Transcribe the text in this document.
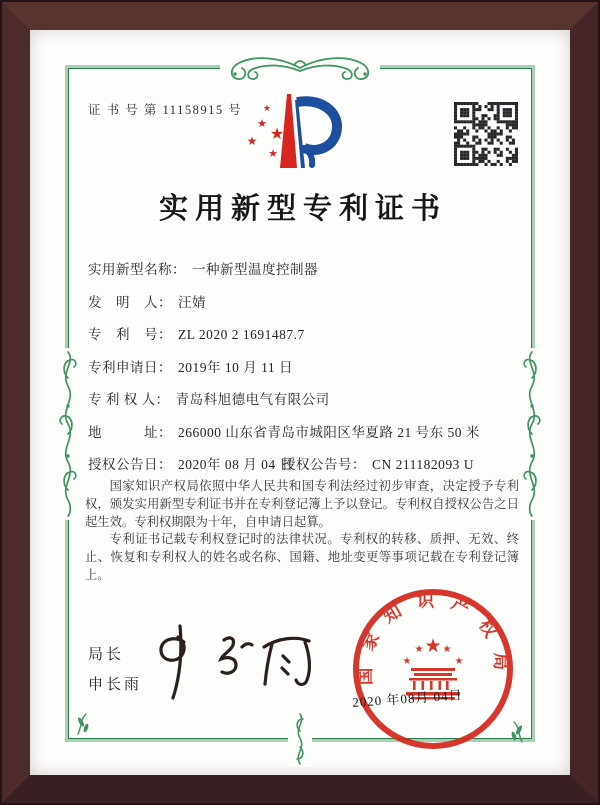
证 书 号 第 11158915 号 ★
★
★
★
★
实用新型专利证书
实用新型名称： 一种新型温度控制器
发　明　人： 汪婧
专　利　号： ZL 2020 2 1691487.7
专利申请日： 2019年 10 月 11 日
专 利 权 人： 青岛科旭德电气有限公司
地　　　址： 266000 山东省青岛市城阳区华夏路 21 号东 50 米
授权公告日： 2020年 08 月 04 日
授权公告号： CN 211182093 U

国家知识产权局依照中华人民共和国专利法经过初步审查，决定授予专利权，颁发实用新型专利证书并在专利登记簿上予以登记。专利权自授权公告之日起生效。专利权期限为十年，自申请日起算。

专利证书记载专利权登记时的法律状况。专利权的转移、质押、无效、终止、恢复和专利权人的姓名或名称、国籍、地址变更等事项记载在专利登记簿上。

局长
申长雨	国家知识产权局
★
★
★ ★
★
2020 年08月 04日
